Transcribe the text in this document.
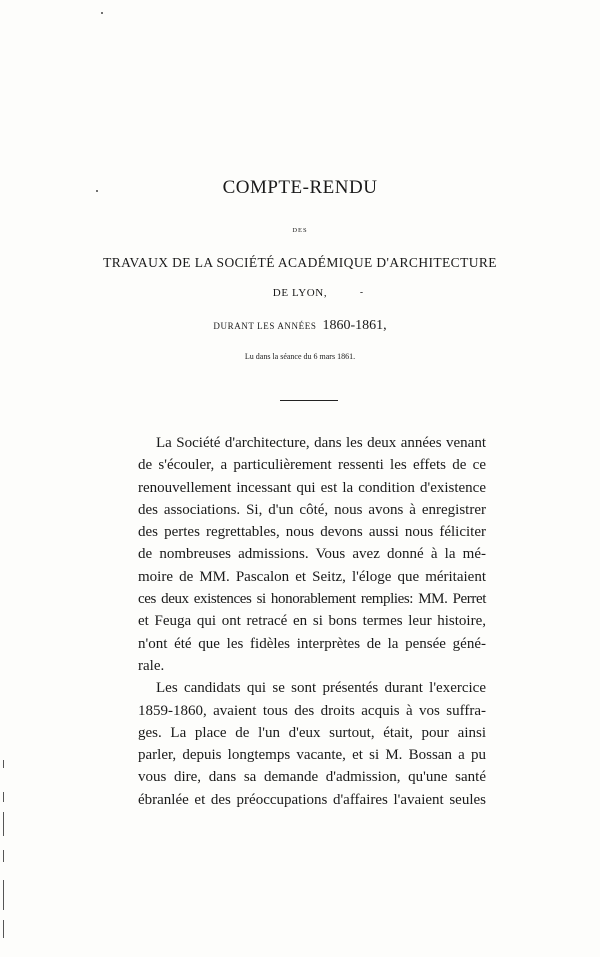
COMPTE-RENDU
DES
TRAVAUX DE LA SOCIÉTÉ ACADÉMIQUE D'ARCHITECTURE
DE LYON,
DURANT LES ANNÉES 1860-1861,
Lu dans la séance du 6 mars 1861.
La Société d'architecture, dans les deux années venant
de s'écouler, a particulièrement ressenti les effets de ce
renouvellement incessant qui est la condition d'existence
des associations. Si, d'un côté, nous avons à enregistrer
des pertes regrettables, nous devons aussi nous féliciter
de nombreuses admissions. Vous avez donné à la mé-
moire de MM. Pascalon et Seitz, l'éloge que méritaient
ces deux existences si honorablement remplies: MM. Perret
et Feuga qui ont retracé en si bons termes leur histoire,
n'ont été que les fidèles interprètes de la pensée géné-
rale.
Les candidats qui se sont présentés durant l'exercice
1859-1860, avaient tous des droits acquis à vos suffra-
ges. La place de l'un d'eux surtout, était, pour ainsi
parler, depuis longtemps vacante, et si M. Bossan a pu
vous dire, dans sa demande d'admission, qu'une santé
ébranlée et des préoccupations d'affaires l'avaient seules
